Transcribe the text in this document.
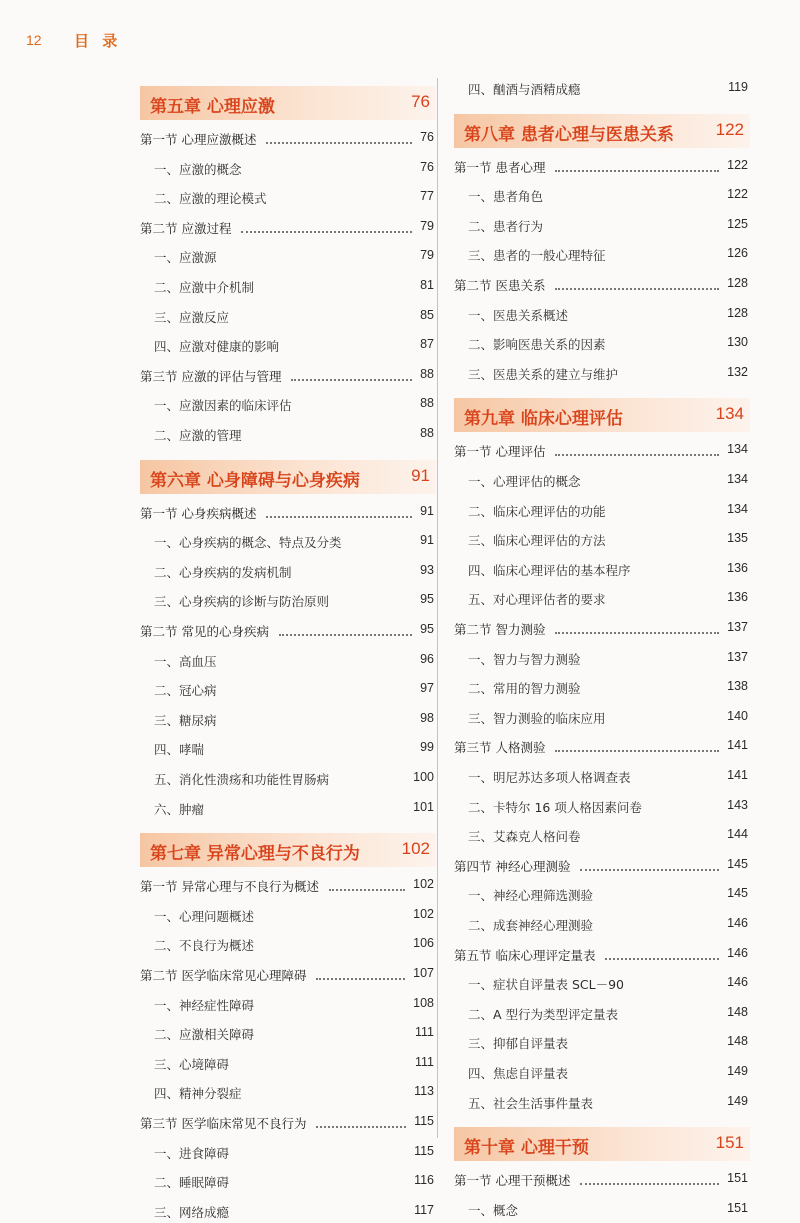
12 目 录
第五章 心理应激	76
第一节 心理应激概述	76
一、应激的概念	76
二、应激的理论模式	77
第二节 应激过程	79
一、应激源	79
二、应激中介机制	81
三、应激反应	85
四、应激对健康的影响	87
第三节 应激的评估与管理	88
一、应激因素的临床评估	88
二、应激的管理	88
第六章 心身障碍与心身疾病	91
第一节 心身疾病概述	91
一、心身疾病的概念、特点及分类	91
二、心身疾病的发病机制	93
三、心身疾病的诊断与防治原则	95
第二节 常见的心身疾病	95
一、高血压	96
二、冠心病	97
三、糖尿病	98
四、哮喘	99
五、消化性溃疡和功能性胃肠病	100
六、肿瘤	101
第七章 异常心理与不良行为 102
第一节 异常心理与不良行为概述	102
一、心理问题概述	102
二、不良行为概述	106
第二节 医学临床常见心理障碍	107
一、神经症性障碍	108
二、应激相关障碍	111
三、心境障碍	111
四、精神分裂症	113
第三节 医学临床常见不良行为	115
一、进食障碍	115
二、睡眠障碍	116
三、网络成瘾	117
四、酗酒与酒精成瘾	119
第八章 患者心理与医患关系 122
第一节 患者心理	122
一、患者角色	122
二、患者行为	125
三、患者的一般心理特征	126
第二节 医患关系	128
一、医患关系概述	128
二、影响医患关系的因素	130
三、医患关系的建立与维护	132
第九章 临床心理评估	134
第一节 心理评估	134
一、心理评估的概念	134
二、临床心理评估的功能	134
三、临床心理评估的方法	135
四、临床心理评估的基本程序	136
五、对心理评估者的要求	136
第二节 智力测验	137
一、智力与智力测验	137
二、常用的智力测验	138
三、智力测验的临床应用	140
第三节 人格测验	141
一、明尼苏达多项人格调查表	141
二、卡特尔 16 项人格因素问卷	143
三、艾森克人格问卷	144
第四节 神经心理测验	145
一、神经心理筛选测验	145
二、成套神经心理测验	146
第五节 临床心理评定量表	146
一、症状自评量表 SCL－90	146
二、A 型行为类型评定量表	148
三、抑郁自评量表	148
四、焦虑自评量表	149
五、社会生活事件量表	149
第十章 心理干预	151
第一节 心理干预概述	151
一、概念	151
